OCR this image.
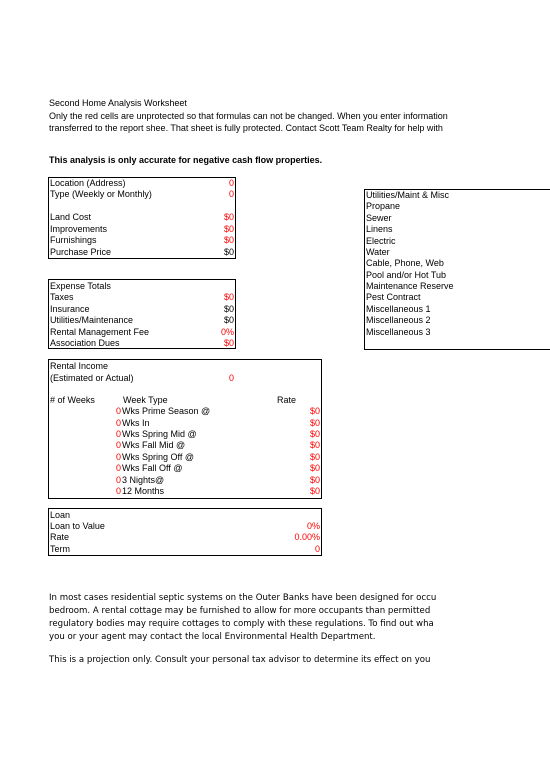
Second Home Analysis Worksheet
Only the red cells are unprotected so that formulas can not be changed. When you enter information
transferred to the report shee. That sheet is fully protected. Contact Scott Team Realty for help with
This analysis is only accurate for negative cash flow properties.
Location (Address)	0
Type (Weekly or Monthly)	0
Land Cost	$0
Improvements	$0
Furnishings	$0
Purchase Price	$0
Expense Totals
Taxes	$0
Insurance	$0
Utilities/Maintenance	$0
Rental Management Fee	0%
Association Dues	$0
Utilities/Maint & Misc
Propane
Sewer
Linens
Electric
Water
Cable, Phone, Web
Pool and/or Hot Tub
Maintenance Reserve
Pest Contract
Miscellaneous 1
Miscellaneous 2
Miscellaneous 3
Rental Income
(Estimated or Actual)	0
# of Weeks	Week Type	Rate
0 Wks Prime Season @	$0
0 Wks In	$0
0 Wks Spring Mid @	$0
0 Wks Fall Mid @	$0
0 Wks Spring Off @	$0
0 Wks Fall Off @	$0
0 3 Nights@	$0
0 12 Months	$0
Loan
Loan to Value	0%
Rate	0.00%
Term	0
In most cases residential septic systems on the Outer Banks have been designed for occu
bedroom. A rental cottage may be furnished to allow for more occupants than permitted
regulatory bodies may require cottages to comply with these regulations. To find out wha
you or your agent may contact the local Environmental Health Department.
This is a projection only. Consult your personal tax advisor to determine its effect on you
